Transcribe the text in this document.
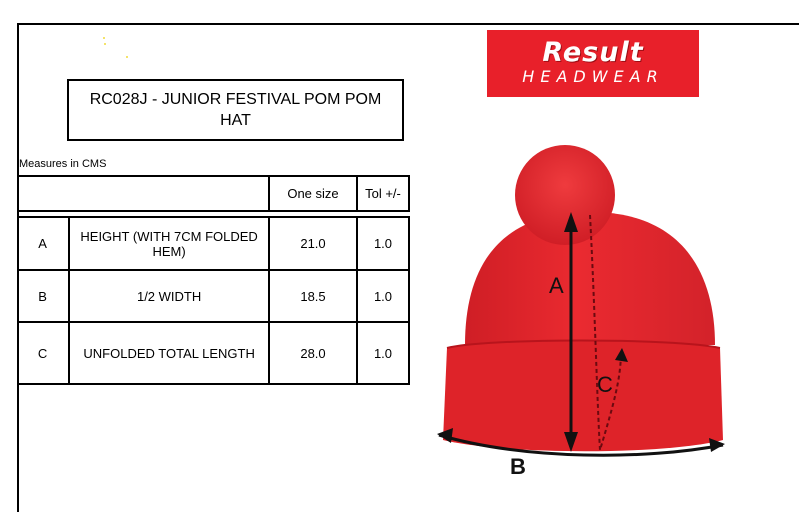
RC028J - JUNIOR FESTIVAL POM POM HAT
Measures in CMS
		One size	Tol +/-

A	HEIGHT (WITH 7CM FOLDED HEM)	21.0	1.0
B	1/2 WIDTH	18.5	1.0
C	UNFOLDED TOTAL LENGTH	28.0	1.0
Result
HEADWEAR
A
C
B
